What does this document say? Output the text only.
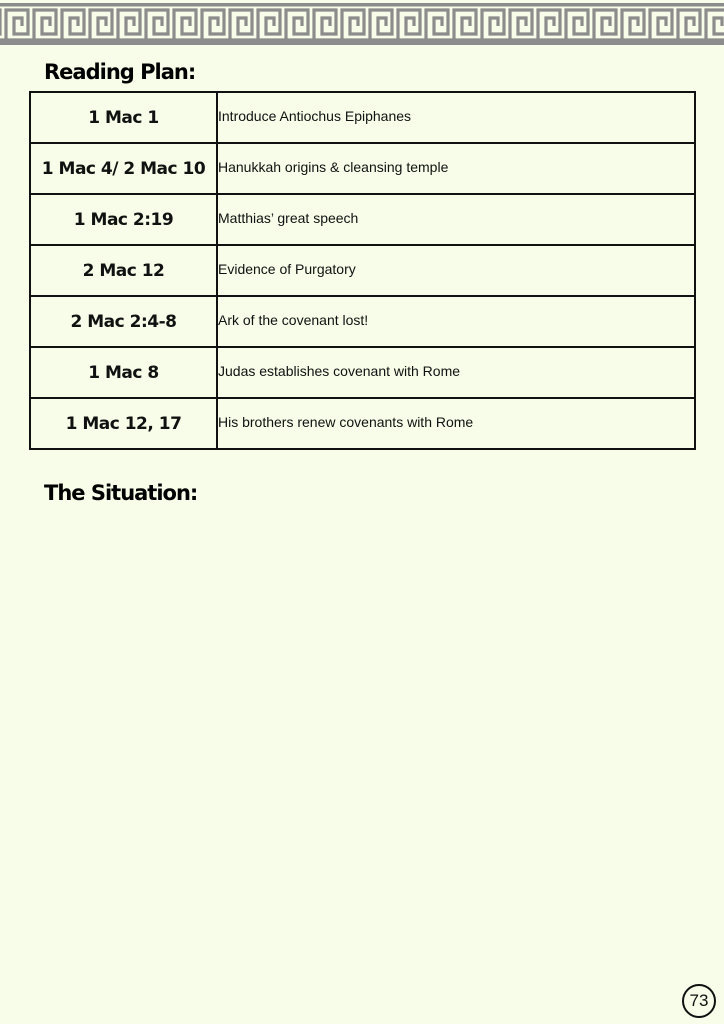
Reading Plan:
1 Mac 1	Introduce Antiochus Epiphanes
1 Mac 4/ 2 Mac 10	Hanukkah origins & cleansing temple
1 Mac 2:19	Matthias’ great speech
2 Mac 12	Evidence of Purgatory
2 Mac 2:4-8	Ark of the covenant lost!
1 Mac 8	Judas establishes covenant with Rome
1 Mac 12, 17	His brothers renew covenants with Rome
The Situation:
73
